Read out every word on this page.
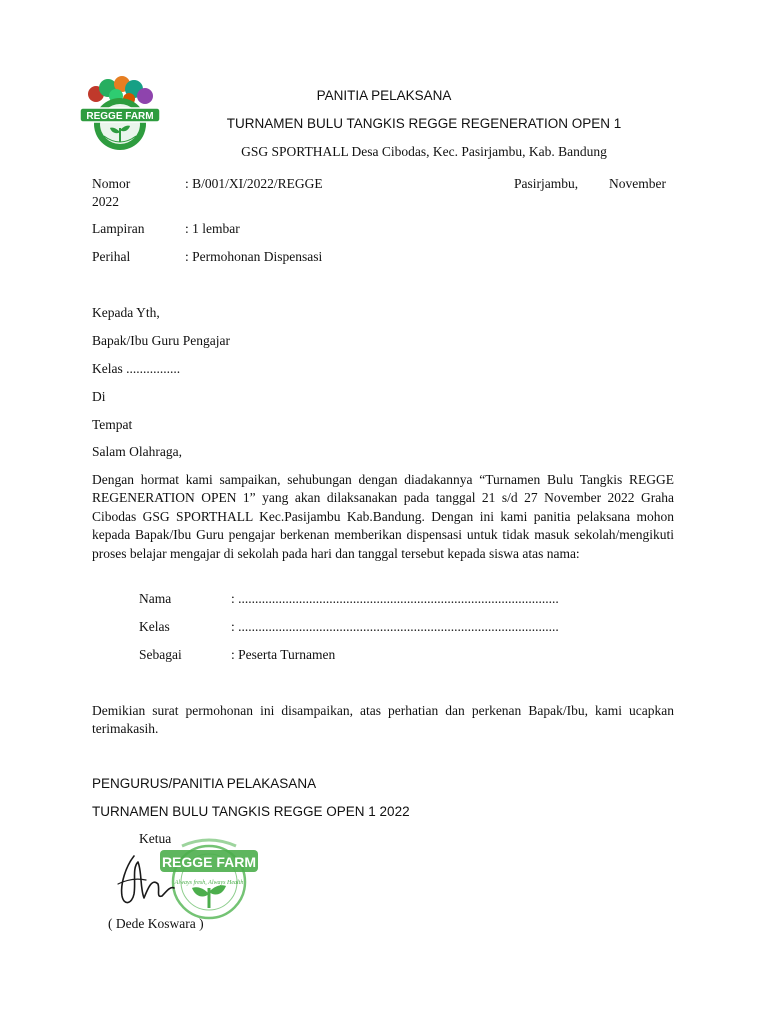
REGGE FARM
PANITIA PELAKSANA
TURNAMEN BULU TANGKIS REGGE REGENERATION OPEN 1
GSG SPORTHALL Desa Cibodas, Kec. Pasirjambu, Kab. Bandung
Nomor	: B/001/XI/2022/REGGE	Pasirjambu, November
2022
Lampiran	: 1 lembar
Perihal	: Permohonan Dispensasi
Kepada Yth,
Bapak/Ibu Guru Pengajar
Kelas ................
Di
Tempat
Salam Olahraga,
Dengan hormat kami sampaikan, sehubungan dengan diadakannya “Turnamen Bulu Tangkis REGGE REGENERATION OPEN 1” yang akan dilaksanakan pada tanggal 21 s/d 27 November 2022 Graha Cibodas GSG SPORTHALL Kec.Pasijambu Kab.Bandung. Dengan ini kami panitia pelaksana mohon kepada Bapak/Ibu Guru pengajar berkenan memberikan dispensasi untuk tidak masuk sekolah/mengikuti proses belajar mengajar di sekolah pada hari dan tanggal tersebut kepada siswa atas nama:
Nama	: ...............................................................................................
Kelas	: ...............................................................................................
Sebagai	: Peserta Turnamen
Demikian surat permohonan ini disampaikan, atas perhatian dan perkenan Bapak/Ibu, kami ucapkan terimakasih.
PENGURUS/PANITIA PELAKASANA
TURNAMEN BULU TANGKIS REGGE OPEN 1 2022
Ketua
REGGE FARM
Always fresh, Always Health
( Dede Koswara )
